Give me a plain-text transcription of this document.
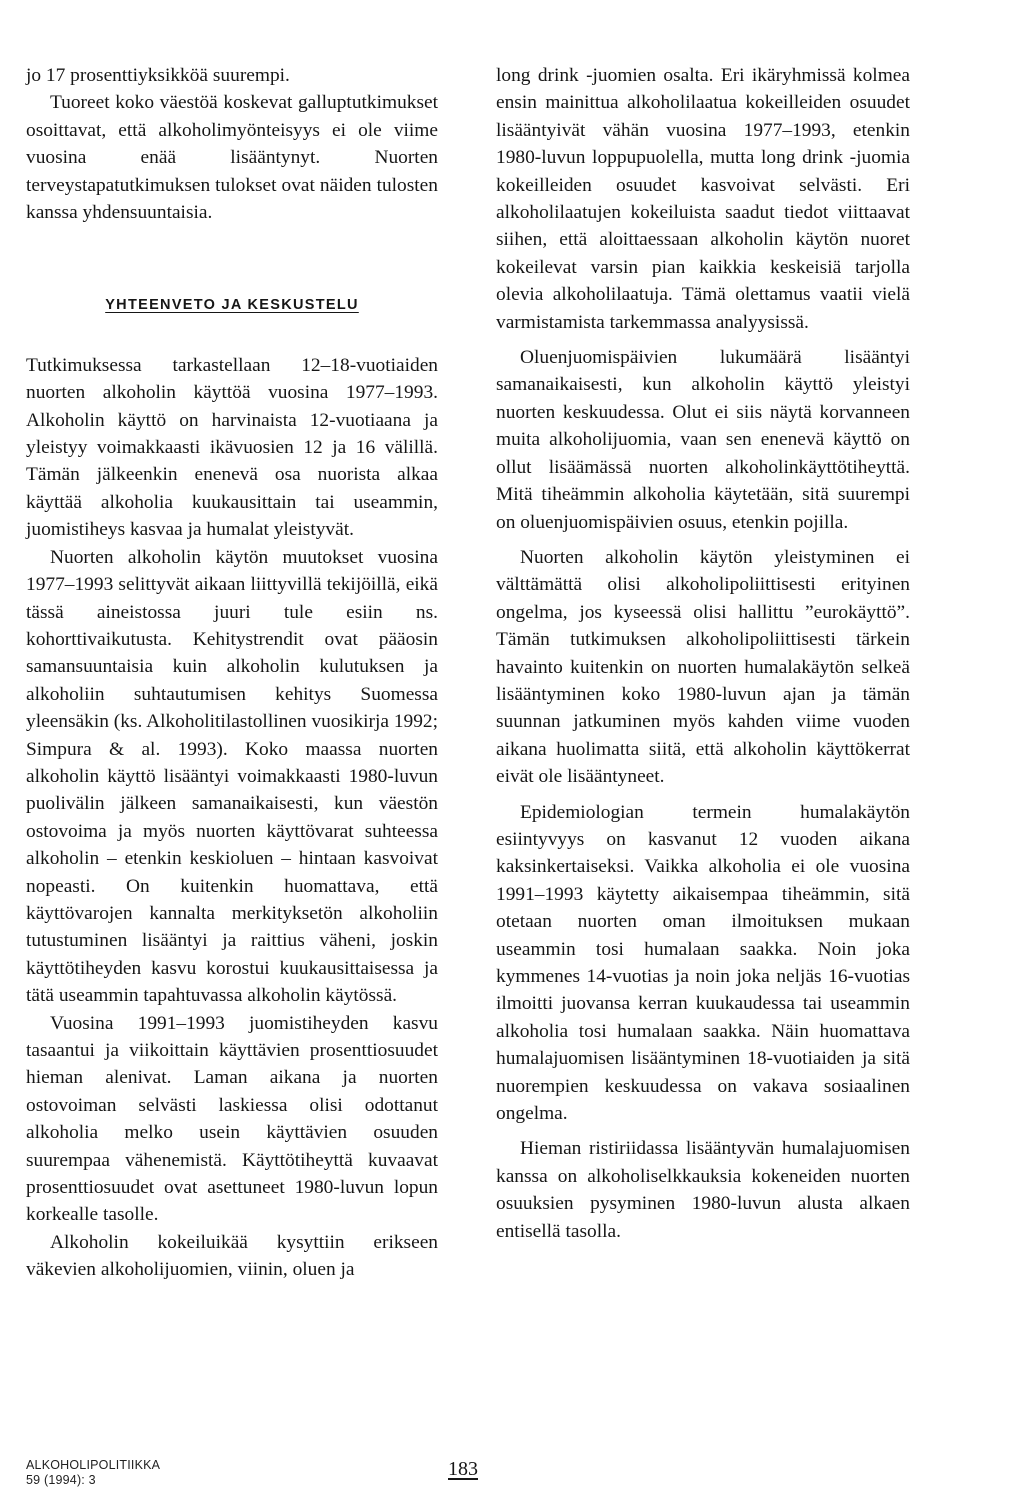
jo 17 prosenttiyksikköä suurempi.

Tuoreet koko väestöä koskevat galluptutkimukset osoittavat, että alkoholimyönteisyys ei ole viime vuosina enää lisääntynyt. Nuorten terveystapatutkimuksen tulokset ovat näiden tulosten kanssa yhdensuuntaisia.

YHTEENVETO JA KESKUSTELU

Tutkimuksessa tarkastellaan 12–18-vuotiaiden nuorten alkoholin käyttöä vuosina 1977–1993. Alkoholin käyttö on harvinaista 12-vuotiaana ja yleistyy voimakkaasti ikävuosien 12 ja 16 välillä. Tämän jälkeenkin enenevä osa nuorista alkaa käyttää alkoholia kuukausittain tai useammin, juomistiheys kasvaa ja humalat yleistyvät.

Nuorten alkoholin käytön muutokset vuosina 1977–1993 selittyvät aikaan liittyvillä tekijöillä, eikä tässä aineistossa juuri tule esiin ns. kohorttivaikutusta. Kehitystrendit ovat pääosin samansuuntaisia kuin alkoholin kulutuksen ja alkoholiin suhtautumisen kehitys Suomessa yleensäkin (ks. Alkoholitilastollinen vuosikirja 1992; Simpura & al. 1993). Koko maassa nuorten alkoholin käyttö lisääntyi voimakkaasti 1980-luvun puolivälin jälkeen samanaikaisesti, kun väestön ostovoima ja myös nuorten käyttövarat suhteessa alkoholin – etenkin keskioluen – hintaan kasvoivat nopeasti. On kuitenkin huomattava, että käyttövarojen kannalta merkityksetön alkoholiin tutustuminen lisääntyi ja raittius väheni, joskin käyttötiheyden kasvu korostui kuukausittaisessa ja tätä useammin tapahtuvassa alkoholin käytössä.

Vuosina 1991–1993 juomistiheyden kasvu tasaantui ja viikoittain käyttävien prosenttiosuudet hieman alenivat. Laman aikana ja nuorten ostovoiman selvästi laskiessa olisi odottanut alkoholia melko usein käyttävien osuuden suurempaa vähenemistä. Käyttötiheyttä kuvaavat prosenttiosuudet ovat asettuneet 1980-luvun lopun korkealle tasolle.

Alkoholin kokeiluikää kysyttiin erikseen väkevien alkoholijuomien, viinin, oluen ja

long drink -juomien osalta. Eri ikäryhmissä kolmea ensin mainittua alkoholilaatua kokeilleiden osuudet lisääntyivät vähän vuosina 1977–1993, etenkin 1980-luvun loppupuolella, mutta long drink -juomia kokeilleiden osuudet kasvoivat selvästi. Eri alkoholilaatujen kokeiluista saadut tiedot viittaavat siihen, että aloittaessaan alkoholin käytön nuoret kokeilevat varsin pian kaikkia keskeisiä tarjolla olevia alkoholilaatuja. Tämä olettamus vaatii vielä varmistamista tarkemmassa analyysissä.

Oluenjuomispäivien lukumäärä lisääntyi samanaikaisesti, kun alkoholin käyttö yleistyi nuorten keskuudessa. Olut ei siis näytä korvanneen muita alkoholijuomia, vaan sen enenevä käyttö on ollut lisäämässä nuorten alkoholinkäyttötiheyttä. Mitä tiheämmin alkoholia käytetään, sitä suurempi on oluenjuomispäivien osuus, etenkin pojilla.

Nuorten alkoholin käytön yleistyminen ei välttämättä olisi alkoholipoliittisesti erityinen ongelma, jos kyseessä olisi hallittu ”eurokäyttö”. Tämän tutkimuksen alkoholipoliittisesti tärkein havainto kuitenkin on nuorten humalakäytön selkeä lisääntyminen koko 1980-luvun ajan ja tämän suunnan jatkuminen myös kahden viime vuoden aikana huolimatta siitä, että alkoholin käyttökerrat eivät ole lisääntyneet.

Epidemiologian termein humalakäytön esiintyvyys on kasvanut 12 vuoden aikana kaksinkertaiseksi. Vaikka alkoholia ei ole vuosina 1991–1993 käytetty aikaisempaa tiheämmin, sitä otetaan nuorten oman ilmoituksen mukaan useammin tosi humalaan saakka. Noin joka kymmenes 14-vuotias ja noin joka neljäs 16-vuotias ilmoitti juovansa kerran kuukaudessa tai useammin alkoholia tosi humalaan saakka. Näin huomattava humalajuomisen lisääntyminen 18-vuotiaiden ja sitä nuorempien keskuudessa on vakava sosiaalinen ongelma.

Hieman ristiriidassa lisääntyvän humalajuomisen kanssa on alkoholiselkkauksia kokeneiden nuorten osuuksien pysyminen 1980-luvun alusta alkaen entisellä tasolla.

ALKOHOLIPOLITIIKKA
59 (1994): 3	183
